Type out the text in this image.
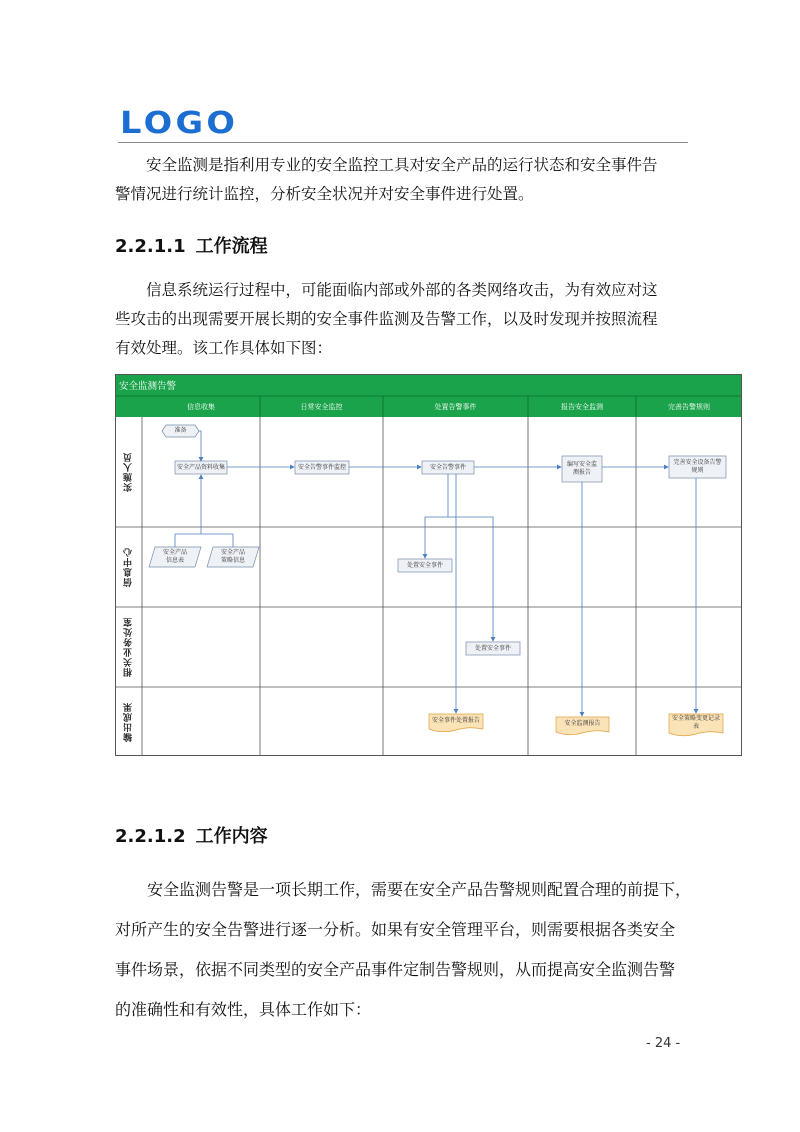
LOGO
安全监测是指利用专业的安全监控工具对安全产品的运行状态和安全事件告
警情况进行统计监控，分析安全状况并对安全事件进行处置。
2.2.1.1 工作流程
信息系统运行过程中，可能面临内部或外部的各类网络攻击，为有效应对这
些攻击的出现需要开展长期的安全事件监测及告警工作，以及时发现并按照流程
有效处理。该工作具体如下图：
安全监测告警
信息收集	日常安全监控	处置告警事件	报告安全监测	完善告警规则
实施人员
信息中心
相关业务处室
输出成果
准备
安全产品资料收集	安全告警事件监控	安全告警事件	编写安全监
测报告
完善安全设备告警
规则
安全产品
信息表
安全产品
策略信息
处置安全事件
处置安全事件
安全事件处置报告	安全监测报告
安全策略变更记录
表
2.2.1.2 工作内容
安全监测告警是一项长期工作，需要在安全产品告警规则配置合理的前提下，
对所产生的安全告警进行逐一分析。如果有安全管理平台，则需要根据各类安全
事件场景，依据不同类型的安全产品事件定制告警规则，从而提高安全监测告警
的准确性和有效性，具体工作如下：
- 24 -
